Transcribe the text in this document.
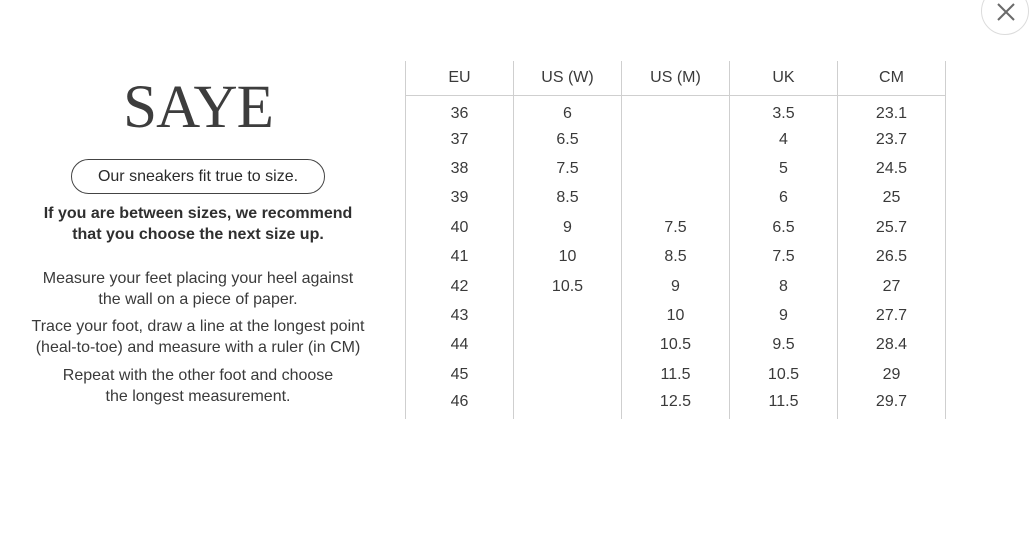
SAYE
Our sneakers fit true to size.
If you are between sizes, we recommend
that you choose the next size up.
Measure your feet placing your heel against
the wall on a piece of paper.
Trace your foot, draw a line at the longest point
(heal-to-toe) and measure with a ruler (in CM)
Repeat with the other foot and choose
the longest measurement.
EU	US (W)	US (M)	UK	CM
36	6		3.5	23.1
37	6.5		4	23.7
38	7.5		5	24.5
39	8.5		6	25
40	9	7.5	6.5	25.7
41	10	8.5	7.5	26.5
42	10.5	9	8	27
43		10	9	27.7
44		10.5	9.5	28.4
45		11.5	10.5	29
46		12.5	11.5	29.7
